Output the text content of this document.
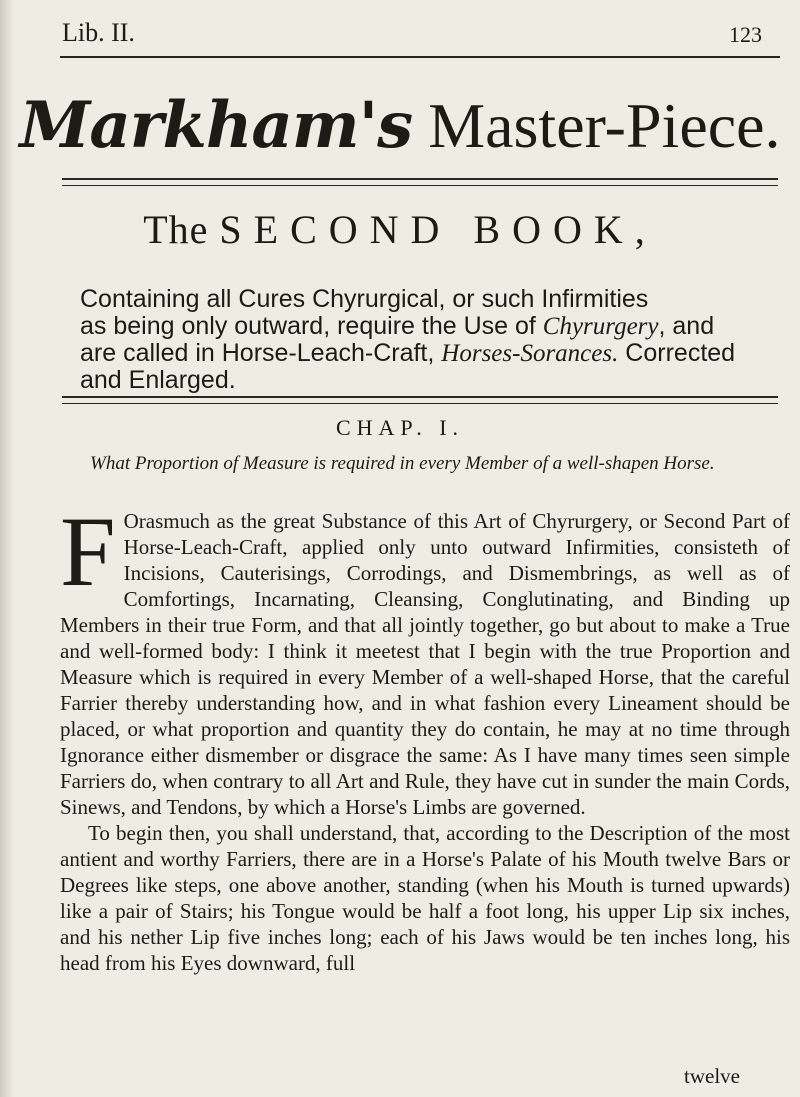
Lib. II.	123
Markham's Master-Piece.
The SECOND BOOK,
Containing all Cures Chyrurgical, or such Infirmities
as being only outward, require the Use of Chyrurgery, and
are called in Horse-Leach-Craft, Horses-Sorances. Corrected
and Enlarged.
CHAP. I.
What Proportion of Measure is required in every Member of a well-shapen Horse.

F Orasmuch as the great Substance of this Art of Chyrurgery, or Second Part of Horse-Leach-Craft, applied only unto outward Infirmities, consisteth of Incisions, Cauterisings, Corrodings, and Dismembrings, as well as of Comfortings, Incarnating, Cleansing, Conglutinating, and Binding up Members in their true Form, and that all jointly together, go but about to make a True and well-formed body: I think it meetest that I begin with the true Proportion and Measure which is required in every Member of a well-shaped Horse, that the careful Farrier thereby understanding how, and in what fashion every Lineament should be placed, or what proportion and quantity they do contain, he may at no time through Ignorance either dismember or disgrace the same: As I have many times seen simple Farriers do, when contrary to all Art and Rule, they have cut in sunder the main Cords, Sinews, and Tendons, by which a Horse's Limbs are governed.

To begin then, you shall understand, that, according to the Description of the most antient and worthy Farriers, there are in a Horse's Palate of his Mouth twelve Bars or Degrees like steps, one above another, standing (when his Mouth is turned upwards) like a pair of Stairs; his Tongue would be half a foot long, his upper Lip six inches, and his nether Lip five inches long; each of his Jaws would be ten inches long, his head from his Eyes downward, full

twelve
